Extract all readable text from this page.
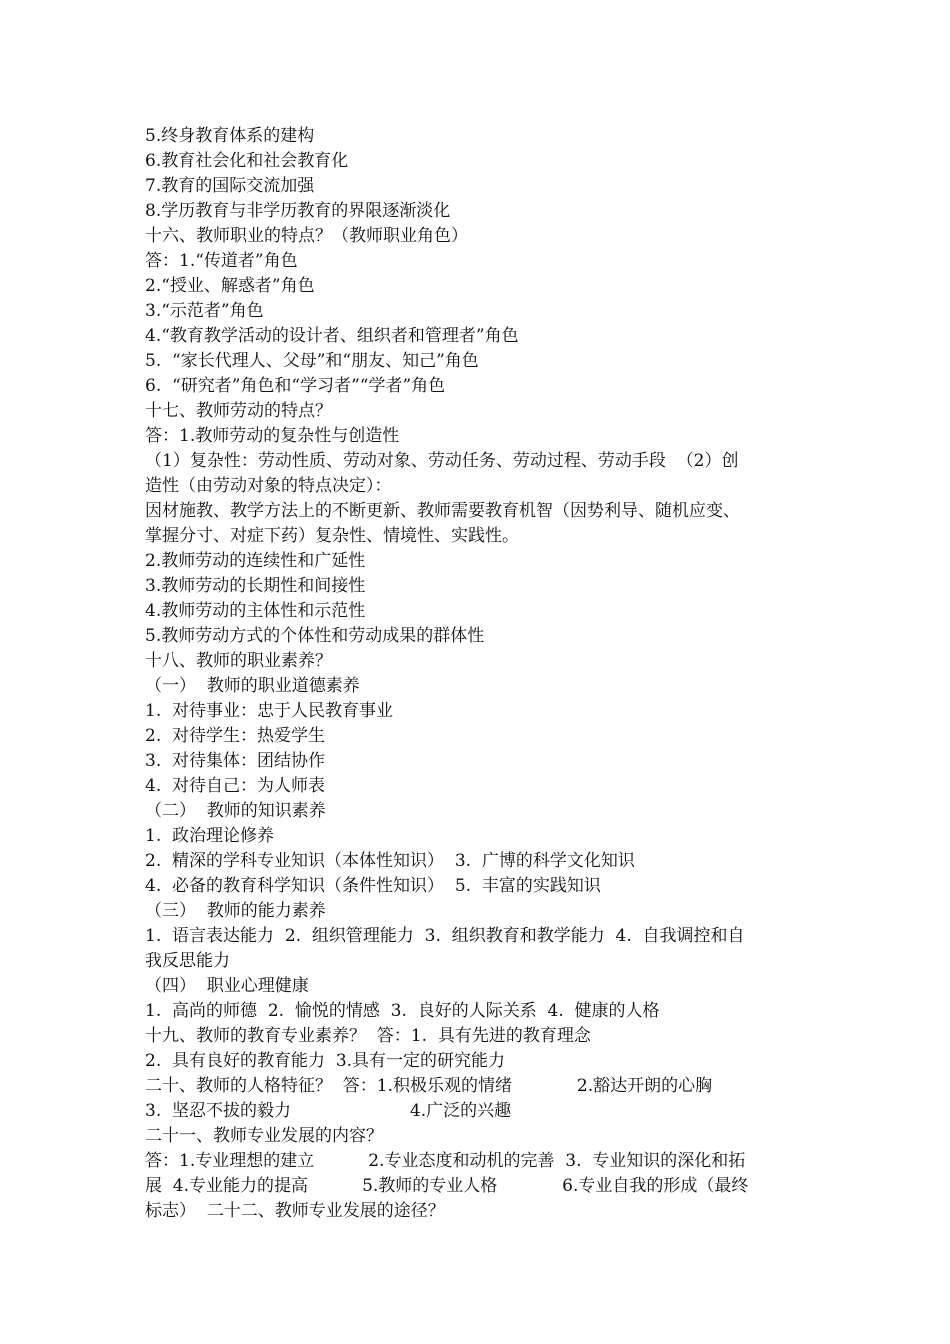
5.终身教育体系的建构
6.教育社会化和社会教育化
7.教育的国际交流加强
8.学历教育与非学历教育的界限逐渐淡化
十六、教师职业的特点？（教师职业角色）
答：1.“传道者”角色
2.“授业、解惑者”角色
3.“示范者”角色
4.“教育教学活动的设计者、组织者和管理者”角色
5.  “家长代理人、父母”和“朋友、知己”角色
6.  “研究者”角色和“学习者”“学者”角色
十七、教师劳动的特点？
答：1.教师劳动的复杂性与创造性
（1）复杂性：劳动性质、劳动对象、劳动任务、劳动过程、劳动手段  （2）创
造性（由劳动对象的特点决定）：
因材施教、教学方法上的不断更新、教师需要教育机智（因势利导、随机应变、
掌握分寸、对症下药）复杂性、情境性、实践性。
2.教师劳动的连续性和广延性
3.教师劳动的长期性和间接性
4.教师劳动的主体性和示范性
5.教师劳动方式的个体性和劳动成果的群体性
十八、教师的职业素养？
（一）  教师的职业道德素养
1.  对待事业：忠于人民教育事业
2.  对待学生：热爱学生
3.  对待集体：团结协作
4.  对待自己：为人师表
（二）  教师的知识素养
1.  政治理论修养
2.  精深的学科专业知识（本体性知识）  3.  广博的科学文化知识
4.  必备的教育科学知识（条件性知识）  5.  丰富的实践知识
（三）  教师的能力素养
1.  语言表达能力  2.  组织管理能力  3.  组织教育和教学能力  4.  自我调控和自
我反思能力
（四）  职业心理健康
1.  高尚的师德  2.  愉悦的情感  3.  良好的人际关系  4.  健康的人格
十九、教师的教育专业素养？  答：1.  具有先进的教育理念
2.  具有良好的教育能力  3.具有一定的研究能力
二十、教师的人格特征？  答：1.积极乐观的情绪            2.豁达开朗的心胸
3.  坚忍不拔的毅力                      4.广泛的兴趣
二十一、教师专业发展的内容？
答：1.专业理想的建立          2.专业态度和动机的完善  3.  专业知识的深化和拓
展  4.专业能力的提高          5.教师的专业人格            6.专业自我的形成（最终
标志）  二十二、教师专业发展的途径？
